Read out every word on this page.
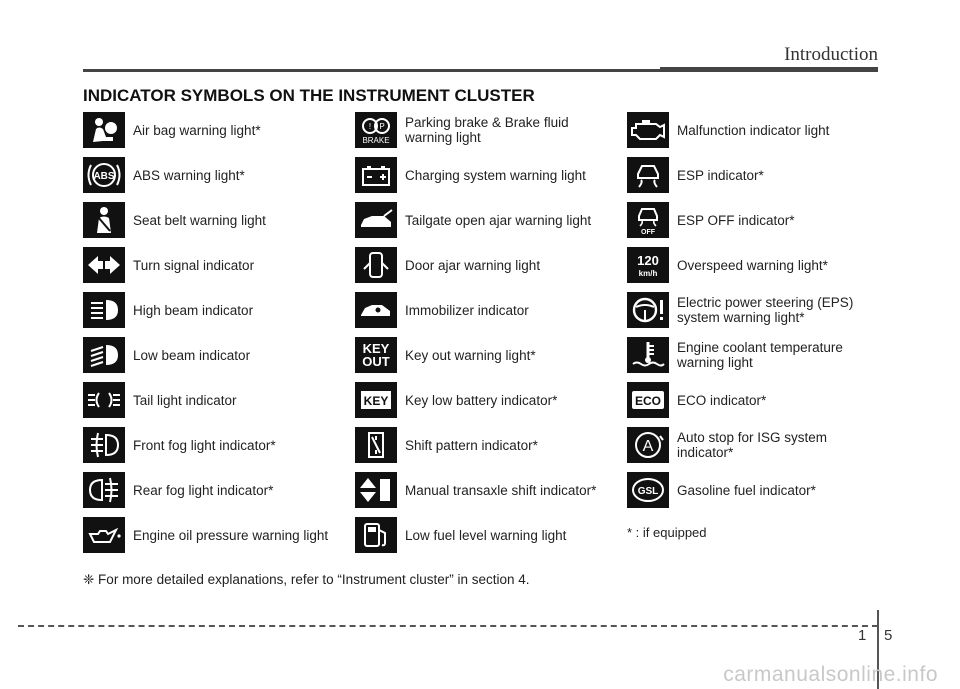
Introduction
INDICATOR SYMBOLS ON THE INSTRUMENT CLUSTER
Air bag warning light*
ABS ABS warning light*
Seat belt warning light
Turn signal indicator
High beam indicator
Low beam indicator
Tail light indicator
Front fog light indicator*
Rear fog light indicator*
Engine oil pressure warning light
! P
BRAKE
Parking brake & Brake fluid warning light
Charging system warning light
Tailgate open ajar warning light
Door ajar warning light
Immobilizer indicator
KEY
OUT Key out warning light*
KEY Key low battery indicator*
Shift pattern indicator*
Manual transaxle shift indicator*
Low fuel level warning light
Malfunction indicator light
ESP indicator*
OFF
ESP OFF indicator*
120
km/h
Overspeed warning light*
Electric power steering (EPS) system warning light*
Engine coolant temperature warning light
ECO ECO indicator*
A
Auto stop for ISG system indicator*
GSL Gasoline fuel indicator*
* : if equipped
❈ For more detailed explanations, refer to “Instrument cluster” in section 4.
1 5
carmanualsonline.info
